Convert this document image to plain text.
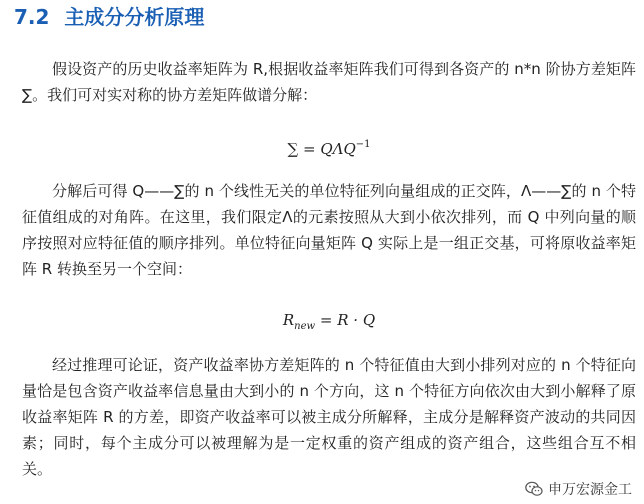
7.2 主成分分析原理

假设资产的历史收益率矩阵为 R,根据收益率矩阵我们可得到各资产的 n*n 阶协方差矩阵∑。我们可对实对称的协方差矩阵做谱分解：

∑ = $Q\Lambda Q^{-1}$

分解后可得 Q——∑的 n 个线性无关的单位特征列向量组成的正交阵，Λ——∑的 n 个特征值组成的对角阵。在这里，我们限定Λ的元素按照从大到小依次排列，而 Q 中列向量的顺序按照对应特征值的顺序排列。单位特征向量矩阵 Q 实际上是一组正交基，可将原收益率矩阵 R 转换至另一个空间：

$R_{new} = R \cdot Q$

经过推理可论证，资产收益率协方差矩阵的 n 个特征值由大到小排列对应的 n 个特征向量恰是包含资产收益率信息量由大到小的 n 个方向，这 n 个特征方向依次由大到小解释了原收益率矩阵 R 的方差，即资产收益率可以被主成分所解释，主成分是解释资产波动的共同因素；同时，每个主成分可以被理解为是一定权重的资产组成的资产组合，这些组合互不相关。

申万宏源金工
